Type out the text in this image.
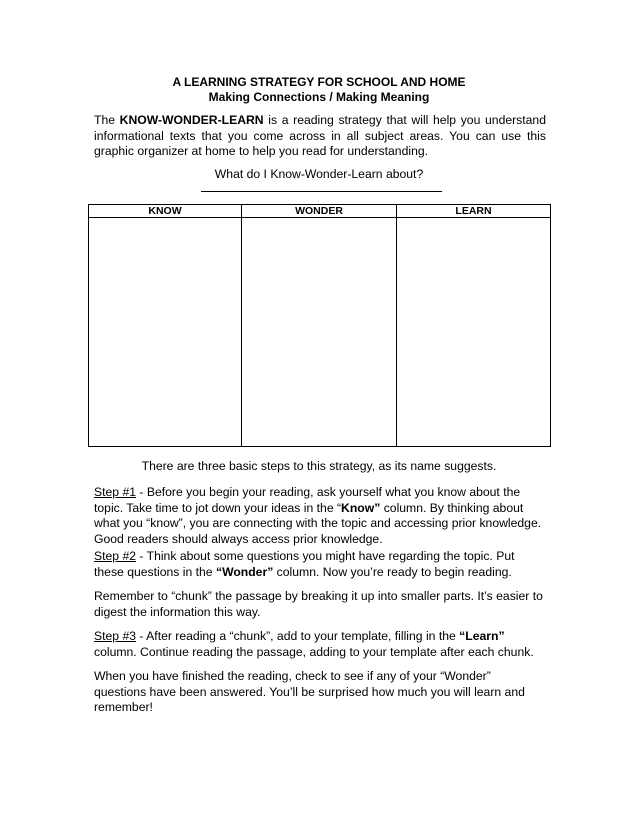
A LEARNING STRATEGY FOR SCHOOL AND HOME
Making Connections / Making Meaning

The KNOW-WONDER-LEARN is a reading strategy that will help you understand informational texts that you come across in all subject areas. You can use this graphic organizer at home to help you read for understanding.

What do I Know-Wonder-Learn about?
KNOW	WONDER	LEARN

There are three basic steps to this strategy, as its name suggests.

Step #1 - Before you begin your reading, ask yourself what you know about the topic. Take time to jot down your ideas in the “Know” column. By thinking about what you “know”, you are connecting with the topic and accessing prior knowledge. Good readers should always access prior knowledge.

Step #2 - Think about some questions you might have regarding the topic. Put these questions in the “Wonder” column. Now you’re ready to begin reading.

Remember to “chunk” the passage by breaking it up into smaller parts. It’s easier to digest the information this way.

Step #3 - After reading a “chunk”, add to your template, filling in the “Learn” column. Continue reading the passage, adding to your template after each chunk.

When you have finished the reading, check to see if any of your “Wonder” questions have been answered. You’ll be surprised how much you will learn and remember!
